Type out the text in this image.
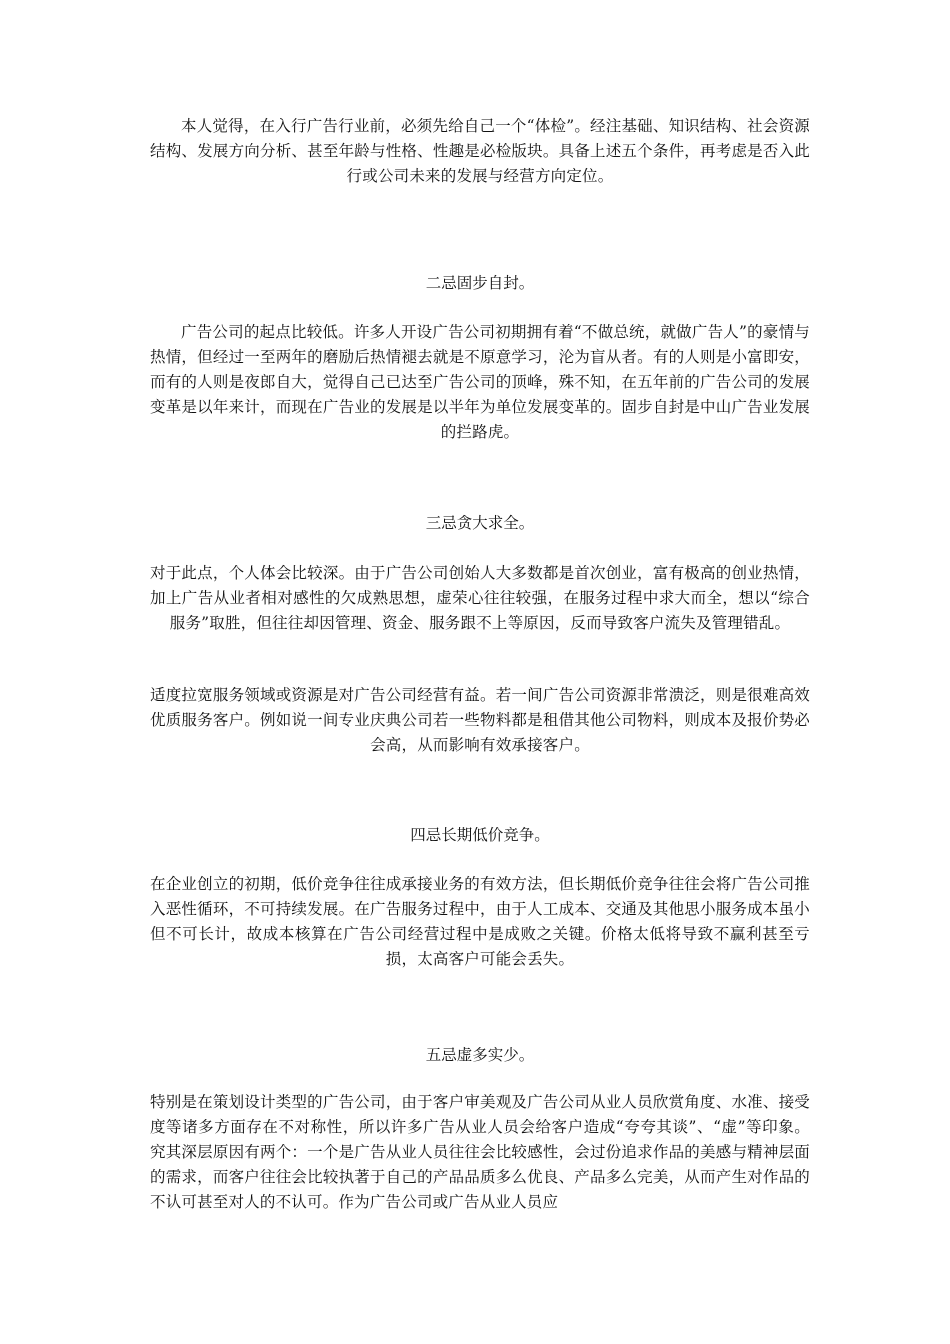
本人觉得，在入行广告行业前，必须先给自己一个“体检”。经注基础、知识结构、社会资源结构、发展方向分析、甚至年龄与性格、性趣是必检版块。具备上述五个条件，再考虑是否入此行或公司未来的发展与经营方向定位。

二忌固步自封。

广告公司的起点比较低。许多人开设广告公司初期拥有着“不做总统，就做广告人”的豪情与热情，但经过一至两年的磨励后热情褪去就是不原意学习，沦为盲从者。有的人则是小富即安，而有的人则是夜郎自大，觉得自己已达至广告公司的顶峰，殊不知，在五年前的广告公司的发展变革是以年来计，而现在广告业的发展是以半年为单位发展变革的。固步自封是中山广告业发展的拦路虎。

三忌贪大求全。

对于此点，个人体会比较深。由于广告公司创始人大多数都是首次创业，富有极高的创业热情，加上广告从业者相对感性的欠成熟思想，虚荣心往往较强，在服务过程中求大而全，想以“综合服务”取胜，但往往却因管理、资金、服务跟不上等原因，反而导致客户流失及管理错乱。

适度拉宽服务领域或资源是对广告公司经营有益。若一间广告公司资源非常溃泛，则是很难高效优质服务客户。例如说一间专业庆典公司若一些物料都是租借其他公司物料，则成本及报价势必会高，从而影响有效承接客户。

四忌长期低价竞争。

在企业创立的初期，低价竞争往往成承接业务的有效方法，但长期低价竞争往往会将广告公司推入恶性循环，不可持续发展。在广告服务过程中，由于人工成本、交通及其他思小服务成本虽小但不可长计，故成本核算在广告公司经营过程中是成败之关键。价格太低将导致不赢利甚至亏损，太高客户可能会丢失。

五忌虚多实少。

特别是在策划设计类型的广告公司，由于客户审美观及广告公司从业人员欣赏角度、水准、接受度等诸多方面存在不对称性，所以许多广告从业人员会给客户造成“夸夸其谈”、“虚”等印象。究其深层原因有两个：一个是广告从业人员往往会比较感性，会过份追求作品的美感与精神层面的需求，而客户往往会比较执著于自己的产品品质多么优良、产品多么完美，从而产生对作品的不认可甚至对人的不认可。作为广告公司或广告从业人员应
